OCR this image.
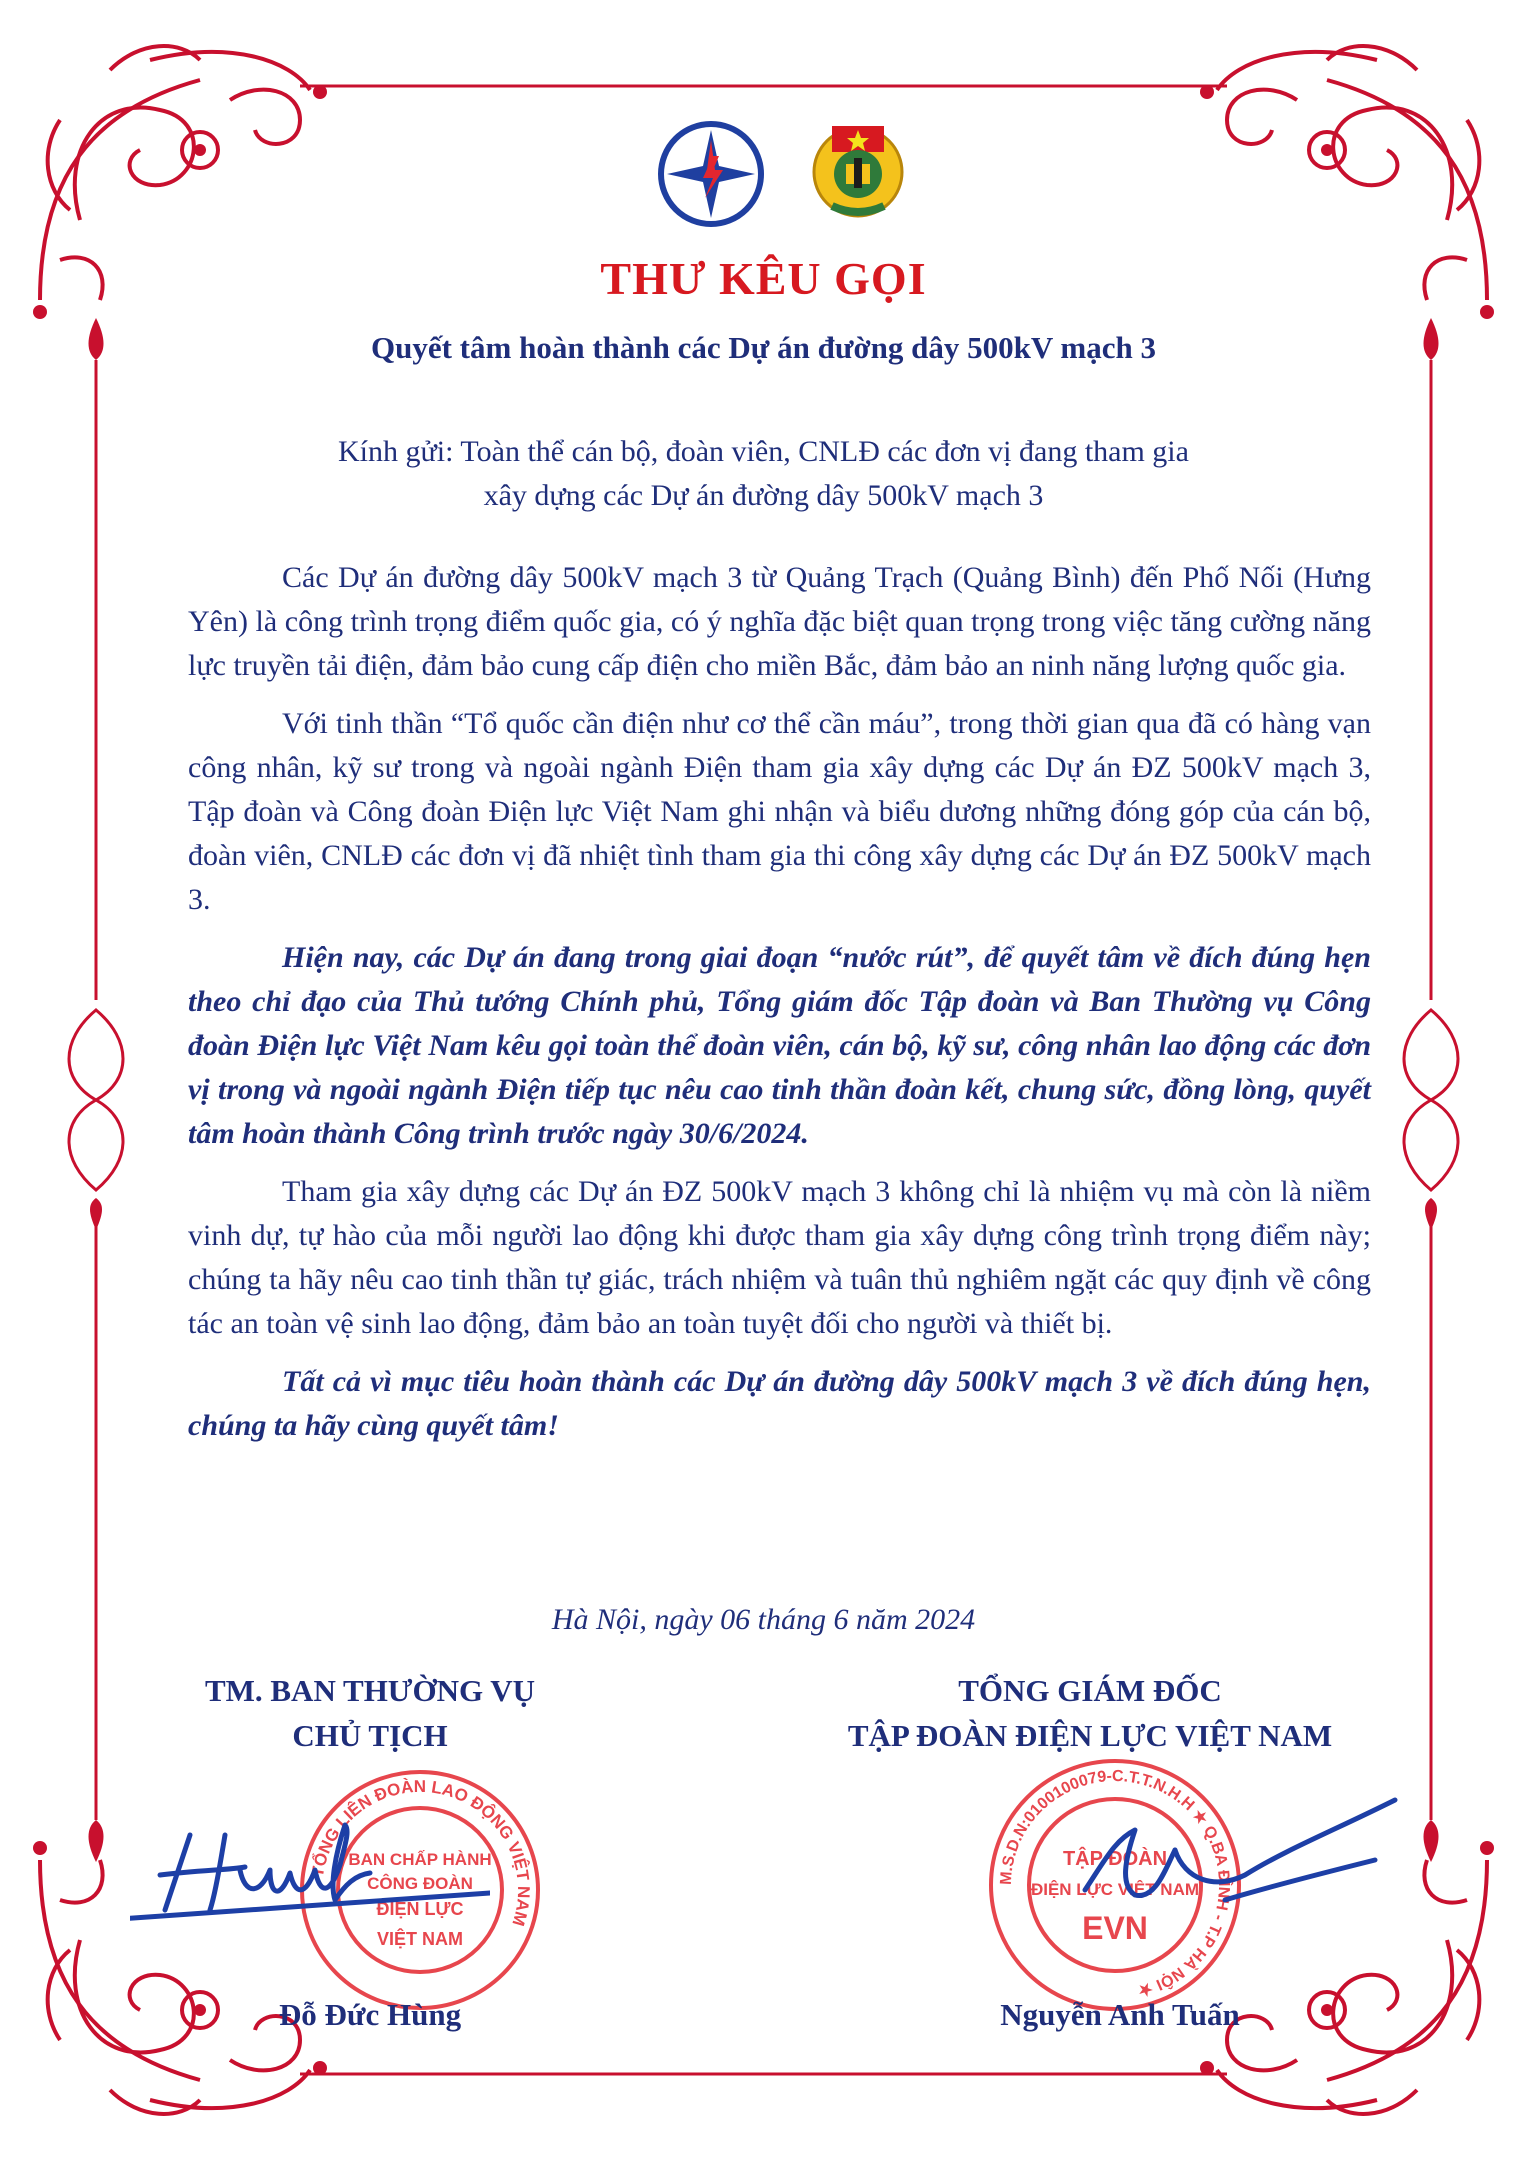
THƯ KÊU GỌI
Quyết tâm hoàn thành các Dự án đường dây 500kV mạch 3
Kính gửi: Toàn thể cán bộ, đoàn viên, CNLĐ các đơn vị đang tham gia
xây dựng các Dự án đường dây 500kV mạch 3

Các Dự án đường dây 500kV mạch 3 từ Quảng Trạch (Quảng Bình) đến Phố Nối (Hưng Yên) là công trình trọng điểm quốc gia, có ý nghĩa đặc biệt quan trọng trong việc tăng cường năng lực truyền tải điện, đảm bảo cung cấp điện cho miền Bắc, đảm bảo an ninh năng lượng quốc gia.

Với tinh thần “Tổ quốc cần điện như cơ thể cần máu”, trong thời gian qua đã có hàng vạn công nhân, kỹ sư trong và ngoài ngành Điện tham gia xây dựng các Dự án ĐZ 500kV mạch 3, Tập đoàn và Công đoàn Điện lực Việt Nam ghi nhận và biểu dương những đóng góp của cán bộ, đoàn viên, CNLĐ các đơn vị đã nhiệt tình tham gia thi công xây dựng các Dự án ĐZ 500kV mạch 3.

Hiện nay, các Dự án đang trong giai đoạn “nước rút”, để quyết tâm về đích đúng hẹn theo chỉ đạo của Thủ tướng Chính phủ, Tổng giám đốc Tập đoàn và Ban Thường vụ Công đoàn Điện lực Việt Nam kêu gọi toàn thể đoàn viên, cán bộ, kỹ sư, công nhân lao động các đơn vị trong và ngoài ngành Điện tiếp tục nêu cao tinh thần đoàn kết, chung sức, đồng lòng, quyết tâm hoàn thành Công trình trước ngày 30/6/2024.

Tham gia xây dựng các Dự án ĐZ 500kV mạch 3 không chỉ là nhiệm vụ mà còn là niềm vinh dự, tự hào của mỗi người lao động khi được tham gia xây dựng công trình trọng điểm này; chúng ta hãy nêu cao tinh thần tự giác, trách nhiệm và tuân thủ nghiêm ngặt các quy định về công tác an toàn vệ sinh lao động, đảm bảo an toàn tuyệt đối cho người và thiết bị.

Tất cả vì mục tiêu hoàn thành các Dự án đường dây 500kV mạch 3 về đích đúng hẹn, chúng ta hãy cùng quyết tâm!

Hà Nội, ngày 06 tháng 6 năm 2024
TM. BAN THƯỜNG VỤ
CHỦ TỊCH
TỔNG GIÁM ĐỐC
TẬP ĐOÀN ĐIỆN LỰC VIỆT NAM
TỔNG LIÊN ĐOÀN LAO ĐỘNG VIỆT NAM
BAN CHẤP HÀNH
CÔNG ĐOÀN
ĐIỆN LỰC
VIỆT NAM
M.S.D.N:0100100079-C.T.T.N.H.H ★ Q.BA ĐÌNH - T.P HÀ NỘI ★
TẬP ĐOÀN
ĐIỆN LỰC VIỆT NAM
EVN
Đỗ Đức Hùng	Nguyễn Anh Tuấn
